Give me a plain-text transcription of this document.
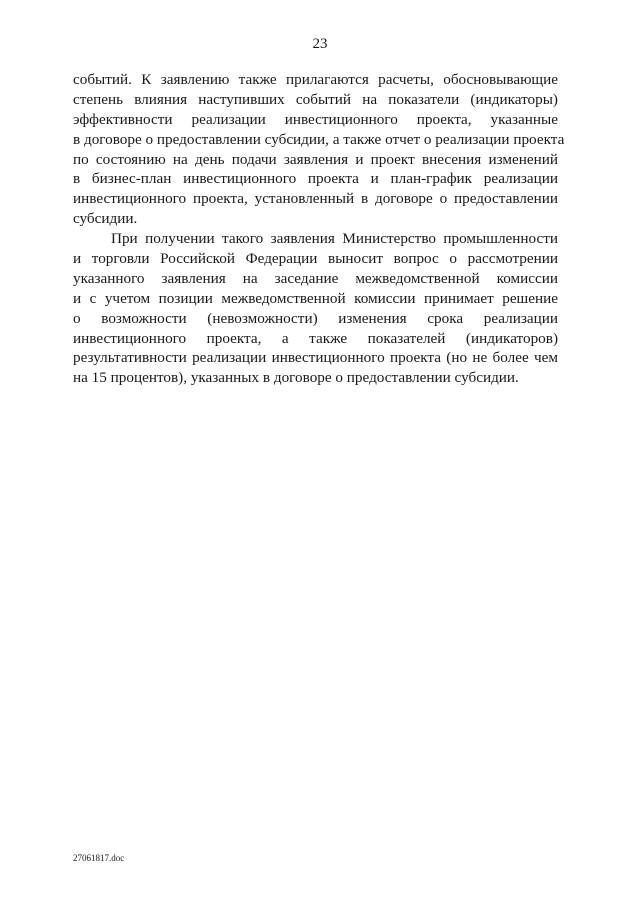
23
событий. К заявлению также прилагаются расчеты, обосновывающие
степень влияния наступивших событий на показатели (индикаторы)
эффективности реализации инвестиционного проекта, указанные
в договоре о предоставлении субсидии, а также отчет о реализации проекта
по состоянию на день подачи заявления и проект внесения изменений
в бизнес-план инвестиционного проекта и план-график реализации
инвестиционного проекта, установленный в договоре о предоставлении
субсидии.
При получении такого заявления Министерство промышленности
и торговли Российской Федерации выносит вопрос о рассмотрении
указанного заявления на заседание межведомственной комиссии
и с учетом позиции межведомственной комиссии принимает решение
о возможности (невозможности) изменения срока реализации
инвестиционного проекта, а также показателей (индикаторов)
результативности реализации инвестиционного проекта (но не более чем
на 15 процентов), указанных в договоре о предоставлении субсидии.
27061817.doc
